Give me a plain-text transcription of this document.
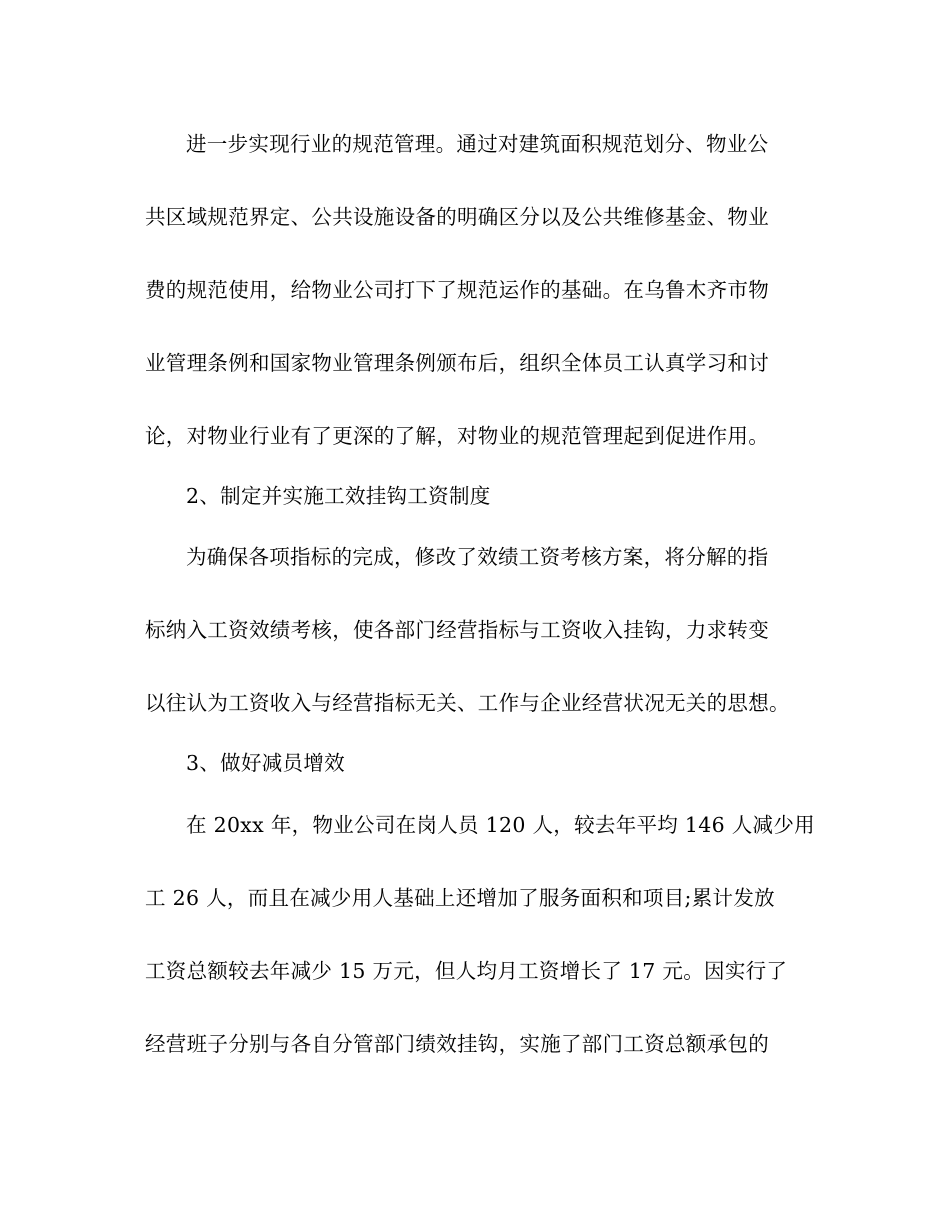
进一步实现行业的规范管理。通过对建筑面积规范划分、物业公
共区域规范界定、公共设施设备的明确区分以及公共维修基金、物业
费的规范使用，给物业公司打下了规范运作的基础。在乌鲁木齐市物
业管理条例和国家物业管理条例颁布后，组织全体员工认真学习和讨
论，对物业行业有了更深的了解，对物业的规范管理起到促进作用。
2、制定并实施工效挂钩工资制度
为确保各项指标的完成，修改了效绩工资考核方案，将分解的指
标纳入工资效绩考核，使各部门经营指标与工资收入挂钩，力求转变
以往认为工资收入与经营指标无关、工作与企业经营状况无关的思想。
3、做好减员增效
在 20xx 年，物业公司在岗人员 120 人，较去年平均 146 人减少用
工 26 人，而且在减少用人基础上还增加了服务面积和项目;累计发放
工资总额较去年减少 15 万元，但人均月工资增长了 17 元。因实行了
经营班子分别与各自分管部门绩效挂钩，实施了部门工资总额承包的
